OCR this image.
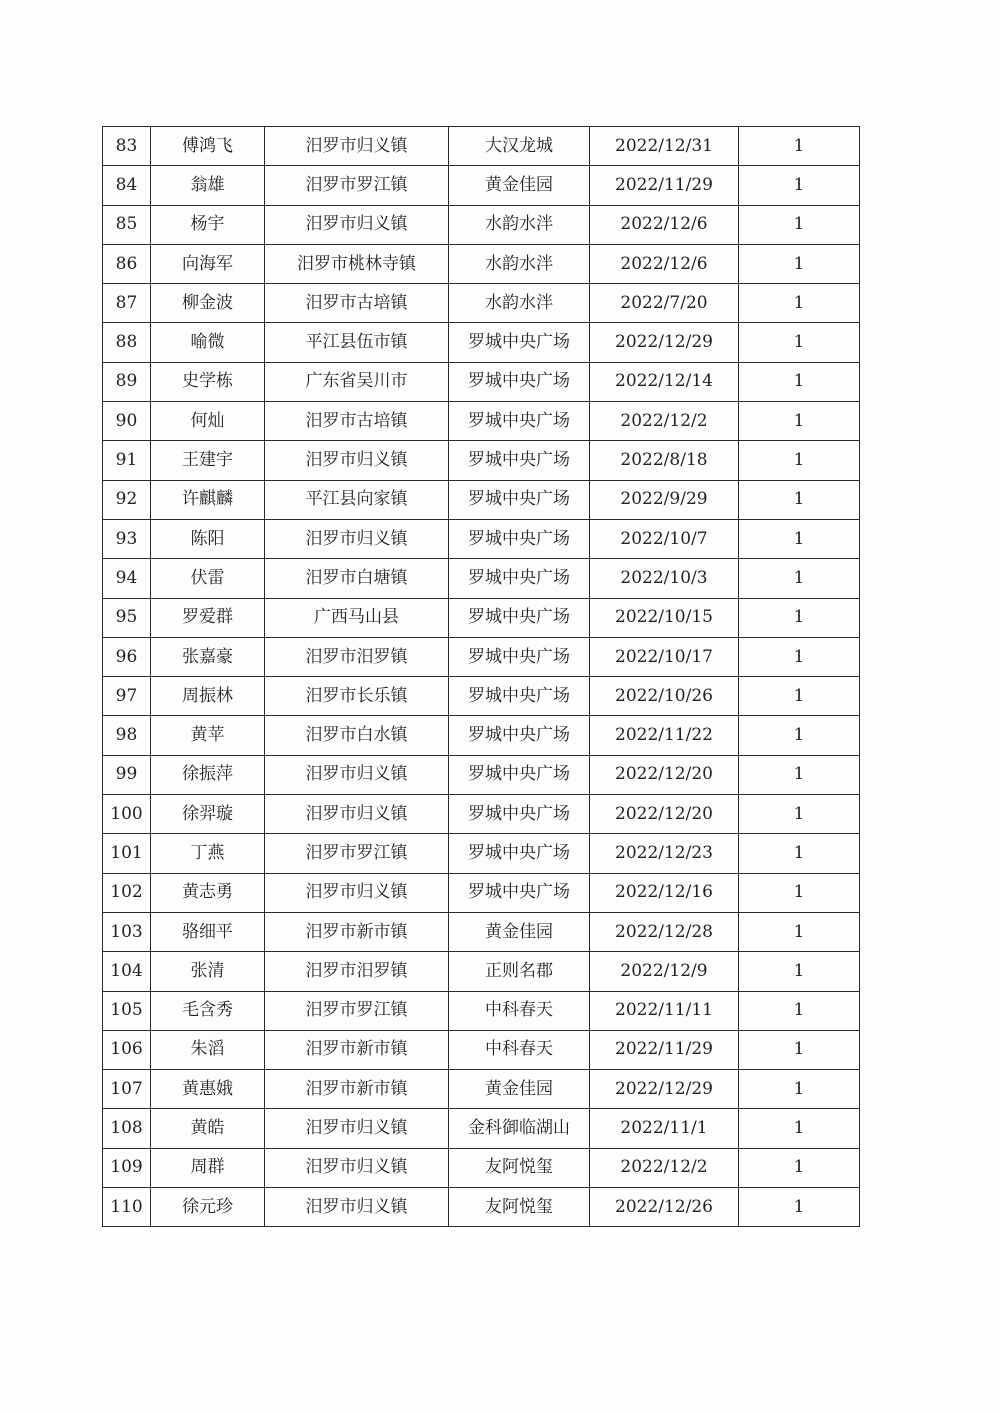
83	傅鸿飞	汨罗市归义镇	大汉龙城	2022/12/31	1
84	翁雄	汨罗市罗江镇	黄金佳园	2022/11/29	1
85	杨宇	汨罗市归义镇	水韵水泮	2022/12/6	1
86	向海军	汨罗市桃林寺镇	水韵水泮	2022/12/6	1
87	柳金波	汨罗市古培镇	水韵水泮	2022/7/20	1
88	喻微	平江县伍市镇	罗城中央广场	2022/12/29	1
89	史学栋	广东省吴川市	罗城中央广场	2022/12/14	1
90	何灿	汨罗市古培镇	罗城中央广场	2022/12/2	1
91	王建宇	汨罗市归义镇	罗城中央广场	2022/8/18	1
92	许麒麟	平江县向家镇	罗城中央广场	2022/9/29	1
93	陈阳	汨罗市归义镇	罗城中央广场	2022/10/7	1
94	伏雷	汨罗市白塘镇	罗城中央广场	2022/10/3	1
95	罗爱群	广西马山县	罗城中央广场	2022/10/15	1
96	张嘉豪	汨罗市汨罗镇	罗城中央广场	2022/10/17	1
97	周振林	汨罗市长乐镇	罗城中央广场	2022/10/26	1
98	黄苹	汨罗市白水镇	罗城中央广场	2022/11/22	1
99	徐振萍	汨罗市归义镇	罗城中央广场	2022/12/20	1
100	徐羿璇	汨罗市归义镇	罗城中央广场	2022/12/20	1
101	丁燕	汨罗市罗江镇	罗城中央广场	2022/12/23	1
102	黄志勇	汨罗市归义镇	罗城中央广场	2022/12/16	1
103	骆细平	汨罗市新市镇	黄金佳园	2022/12/28	1
104	张清	汨罗市汨罗镇	正则名郡	2022/12/9	1
105	毛含秀	汨罗市罗江镇	中科春天	2022/11/11	1
106	朱滔	汨罗市新市镇	中科春天	2022/11/29	1
107	黄惠娥	汨罗市新市镇	黄金佳园	2022/12/29	1
108	黄皓	汨罗市归义镇	金科御临湖山	2022/11/1	1
109	周群	汨罗市归义镇	友阿悦玺	2022/12/2	1
110	徐元珍	汨罗市归义镇	友阿悦玺	2022/12/26	1
